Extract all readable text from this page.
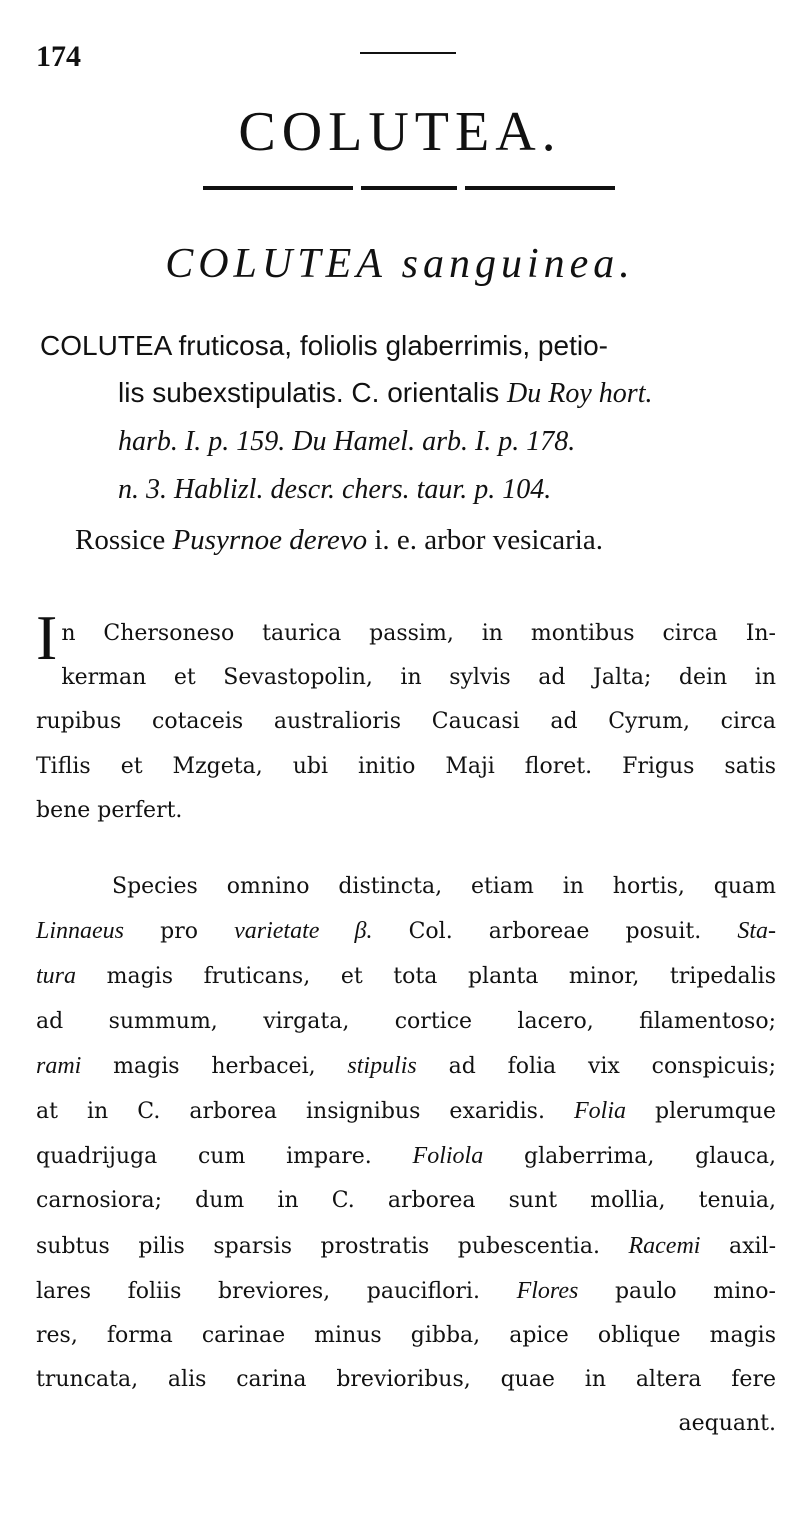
174
COLUTEA.
COLUTEA sanguinea.
COLUTEA fruticosa, foliolis glaberrimis, petio-
lis subexstipulatis. C. orientalis Du Roy hort.
harb. I. p. 159. Du Hamel. arb. I. p. 178.
n. 3. Hablizl. descr. chers. taur. p. 104.
Rossice Pusyrnoe derevo i. e. arbor vesicaria.
I n Chersoneso taurica passim, in montibus circa In-
kerman et Sevastopolin, in sylvis ad Jalta; dein in
rupibus cotaceis australioris Caucasi ad Cyrum, circa
Tiflis et Mzgeta, ubi initio Maji floret. Frigus satis
bene perfert.
Species omnino distincta, etiam in hortis, quam
Linnaeus pro varietate β. Col. arboreae posuit. Sta-
tura magis fruticans, et tota planta minor, tripedalis
ad summum, virgata, cortice lacero, filamentoso;
rami magis herbacei, stipulis ad folia vix conspicuis;
at in C. arborea insignibus exaridis. Folia plerumque
quadrijuga cum impare. Foliola glaberrima, glauca,
carnosiora; dum in C. arborea sunt mollia, tenuia,
subtus pilis sparsis prostratis pubescentia. Racemi axil-
lares foliis breviores, pauciflori. Flores paulo mino-
res, forma carinae minus gibba, apice oblique magis
truncata, alis carina brevioribus, quae in altera fere
aequant.
